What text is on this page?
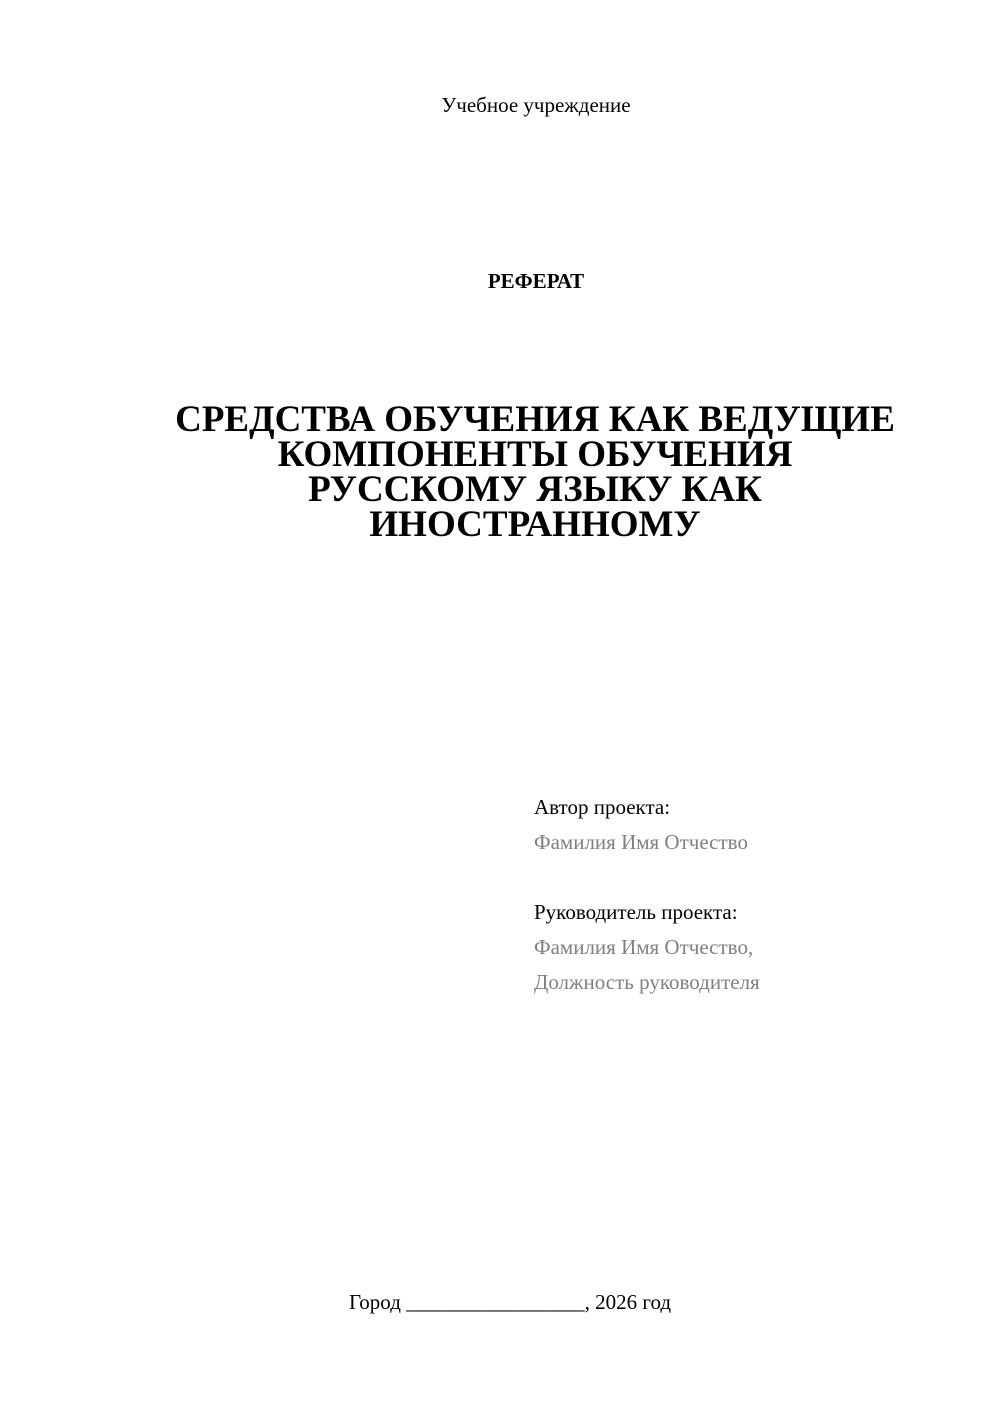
Учебное учреждение
РЕФЕРАТ
СРЕДСТВА ОБУЧЕНИЯ КАК ВЕДУЩИЕ
КОМПОНЕНТЫ ОБУЧЕНИЯ
РУССКОМУ ЯЗЫКУ КАК
ИНОСТРАННОМУ
Автор проекта:
Фамилия Имя Отчество
Руководитель проекта:
Фамилия Имя Отчество,
Должность руководителя
Город _________________, 2026 год
